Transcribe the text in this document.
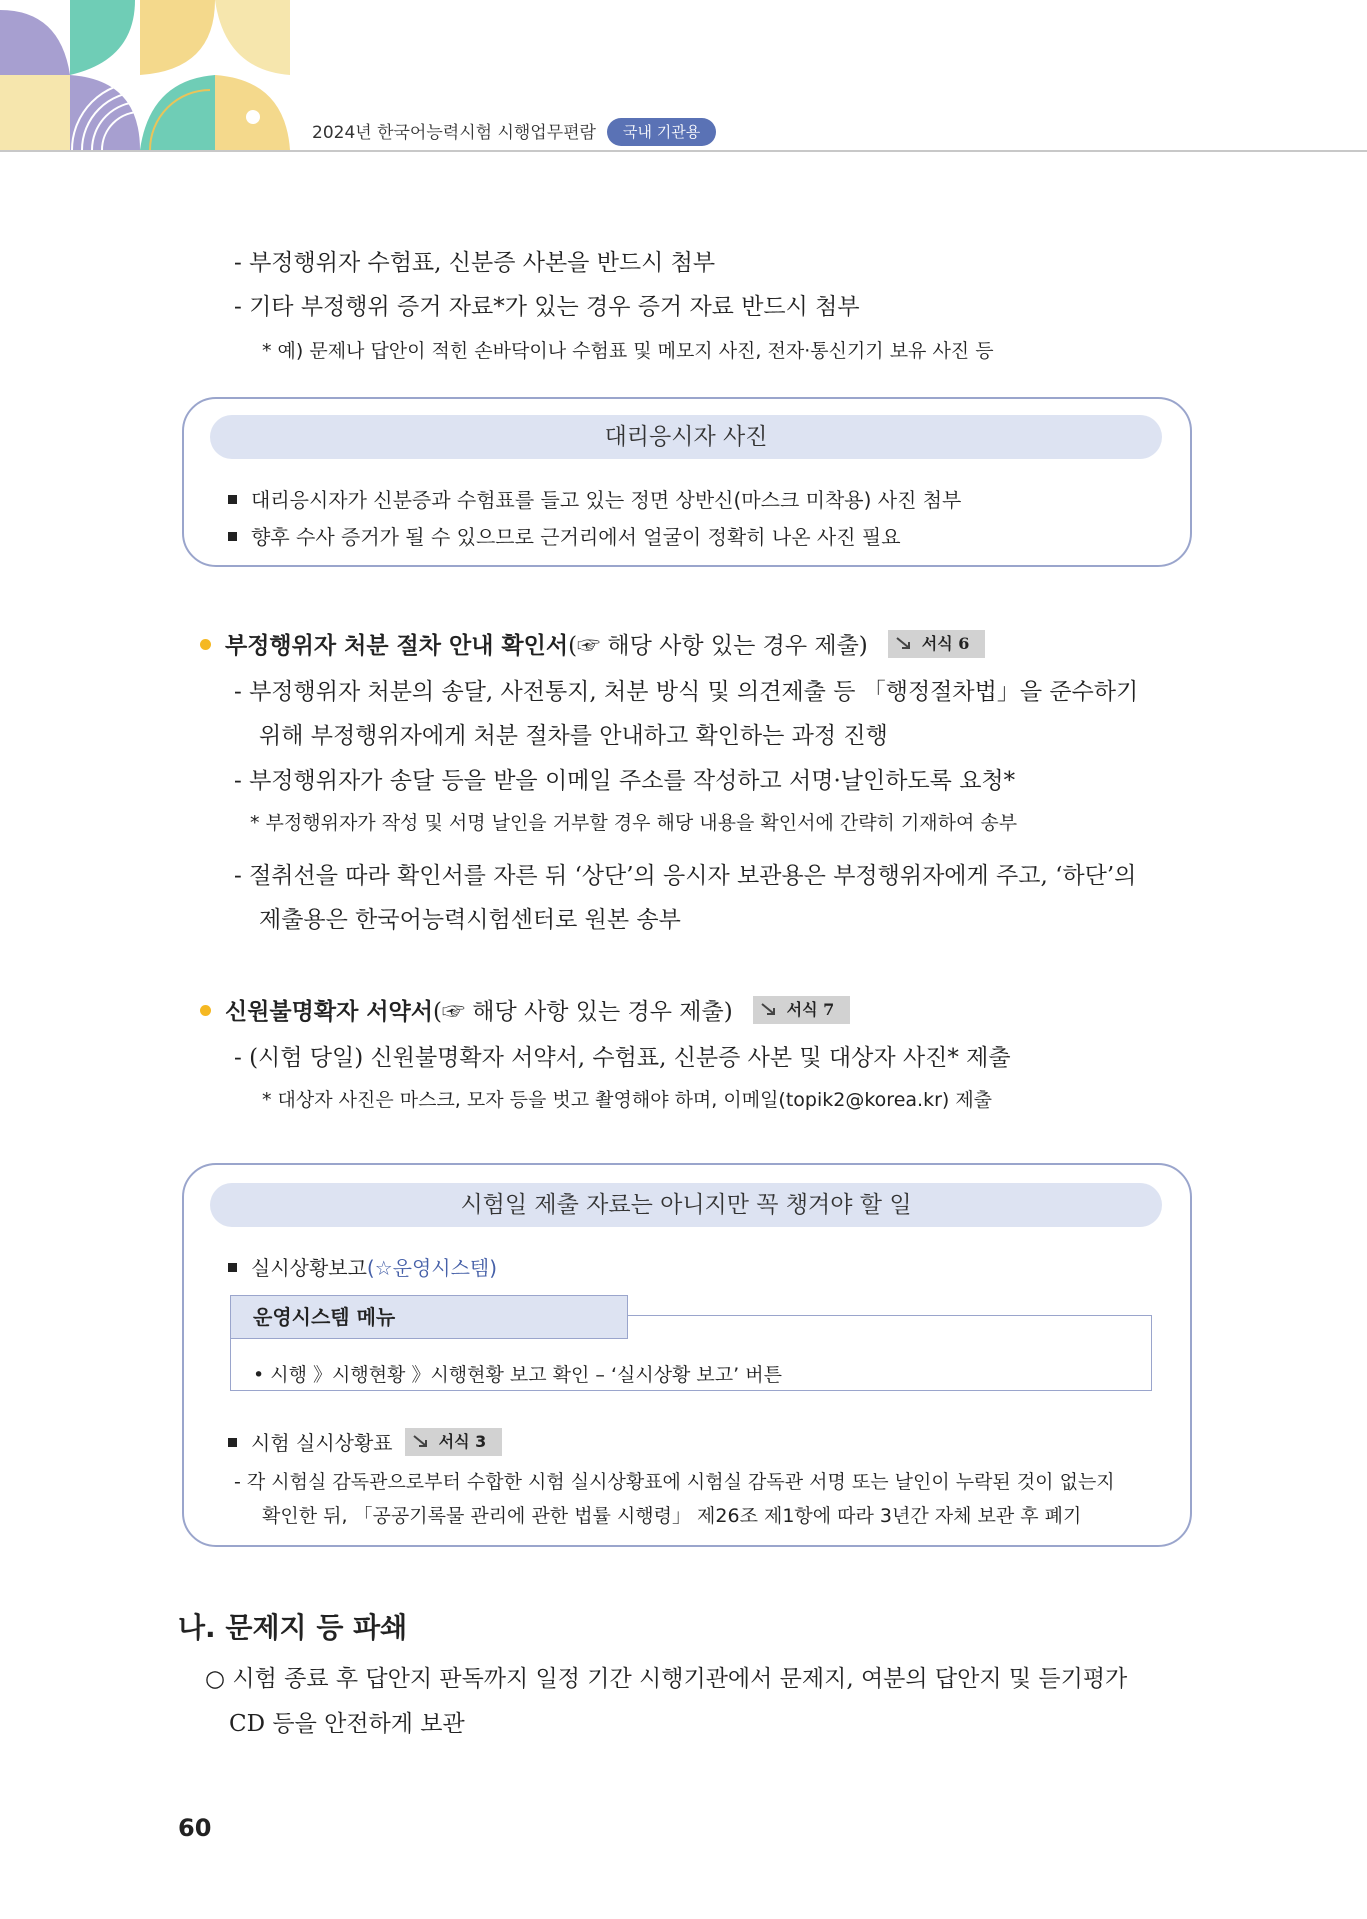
2024년 한국어능력시험 시행업무편람	국내 기관용
- 부정행위자 수험표, 신분증 사본을 반드시 첨부
- 기타 부정행위 증거 자료*가 있는 경우 증거 자료 반드시 첨부
* 예) 문제나 답안이 적힌 손바닥이나 수험표 및 메모지 사진, 전자·통신기기 보유 사진 등
대리응시자 사진
대리응시자가 신분증과 수험표를 들고 있는 정면 상반신(마스크 미착용) 사진 첨부
향후 수사 증거가 될 수 있으므로 근거리에서 얼굴이 정확히 나온 사진 필요
부정행위자 처분 절차 안내 확인서(☞ 해당 사항 있는 경우 제출)	서식 6
- 부정행위자 처분의 송달, 사전통지, 처분 방식 및 의견제출 등 「행정절차법」을 준수하기
위해 부정행위자에게 처분 절차를 안내하고 확인하는 과정 진행
- 부정행위자가 송달 등을 받을 이메일 주소를 작성하고 서명·날인하도록 요청*
* 부정행위자가 작성 및 서명 날인을 거부할 경우 해당 내용을 확인서에 간략히 기재하여 송부
- 절취선을 따라 확인서를 자른 뒤 ‘상단’의 응시자 보관용은 부정행위자에게 주고, ‘하단’의
제출용은 한국어능력시험센터로 원본 송부
신원불명확자 서약서(☞ 해당 사항 있는 경우 제출)	서식 7
- (시험 당일) 신원불명확자 서약서, 수험표, 신분증 사본 및 대상자 사진* 제출
* 대상자 사진은 마스크, 모자 등을 벗고 촬영해야 하며, 이메일(topik2@korea.kr) 제출
시험일 제출 자료는 아니지만 꼭 챙겨야 할 일
실시상황보고(☆운영시스템)
• 시행 》시행현황 》시행현황 보고 확인 – ‘실시상황 보고’ 버튼
운영시스템 메뉴
시험 실시상황표	서식 3
- 각 시험실 감독관으로부터 수합한 시험 실시상황표에 시험실 감독관 서명 또는 날인이 누락된 것이 없는지
확인한 뒤, 「공공기록물 관리에 관한 법률 시행령」 제26조 제1항에 따라 3년간 자체 보관 후 폐기
나. 문제지 등 파쇄
○ 시험 종료 후 답안지 판독까지 일정 기간 시행기관에서 문제지, 여분의 답안지 및 듣기평가
CD 등을 안전하게 보관
60
